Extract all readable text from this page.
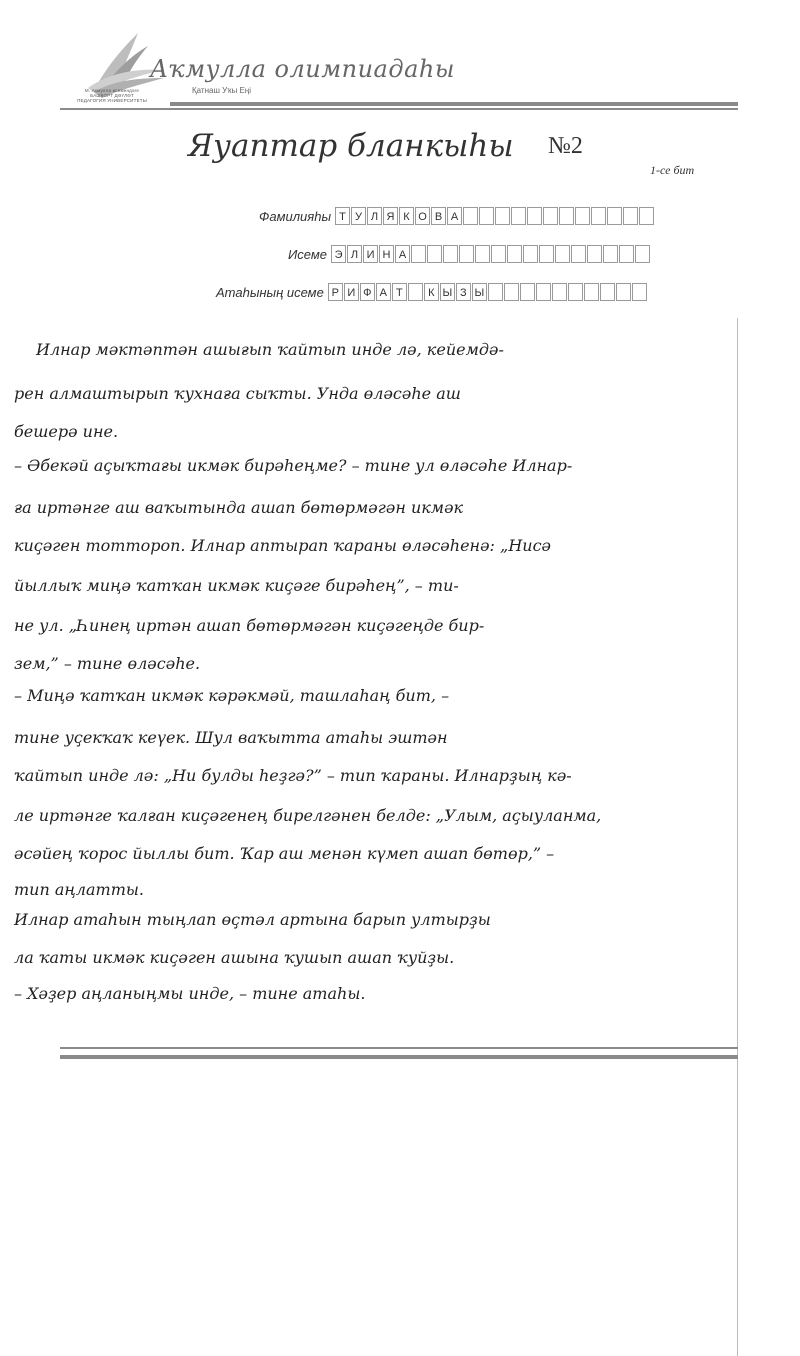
М. Акмулла исемендәге
БАШКОРТ ДӘҮЛӘТ
ПЕДАГОГИЯ УНИВЕРСИТЕТЫ
Аҡмулла олимпиадаһы
Қатнаш Уҡы Еңі
Яуаптар бланкыһы №2
1-се бит
Фамилияһы Т У Л Я К О В А
Исеме Э Л И Н А
Атаһының исеме Р И Ф А Т	К Ы З Ы
Илнар мәктәптән ашығып ҡайтып инде лә, кейемдә-
рен алмаштырып ҡухнаға сыҡты. Унда өләсәһе аш
бешерә ине.
– Әбекәй аҫыҡтағы икмәк бирәһеңме? – тине ул өләсәһе Илнар-
ға иртәнге аш ваҡытында ашап бөтөрмәгән икмәк
киҫәген тоттороп. Илнар аптырап ҡараны өләсәһенә: „Нисә
йыллыҡ миңә ҡатҡан икмәк киҫәге бирәһең”, – ти-
не ул. „Һинең иртән ашап бөтөрмәгән киҫәгеңде бир-
зем,” – тине өләсәһе.
– Миңә ҡатҡан икмәк кәрәкмәй, ташлаһаң бит, –
тине уҫекҡаҡ кеүек. Шул ваҡытта атаһы эштән
ҡайтып инде лә: „Ни булды һеҙгә?” – тип ҡараны. Илнарҙың кә-
ле иртәнге ҡалған киҫәгенең бирелгәнен белде: „Улым, аҫыуланма,
әсәйең ҡорос йыллы бит. Ҡар аш менән күмеп ашап бөтөр,” –
тип аңлатты.
Илнар атаһын тыңлап өҫтәл артына барып ултырҙы
ла ҡаты икмәк киҫәген ашына ҡушып ашап ҡуйҙы.
– Хәҙер аңланыңмы инде, – тине атаһы.
